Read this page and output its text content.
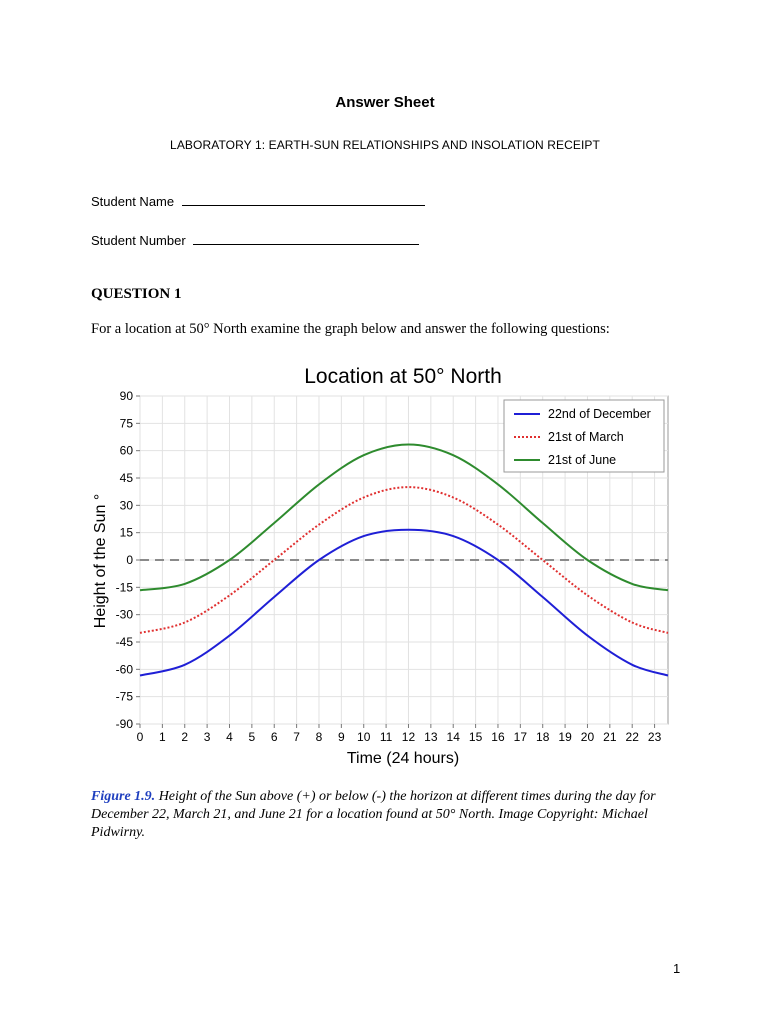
Answer Sheet
LABORATORY 1: EARTH-SUN RELATIONSHIPS AND INSOLATION RECEIPT
Student Name
Student Number
QUESTION 1
For a location at 50° North examine the graph below and answer the following questions:
Location at 50° North
0 1 2 3 4 5 6 7 8 9 10 11 12 13 14 15 16 17 18 19 20 21 22 23
90
75
60
45
30
15
0
-15
-30
-45
-60
-75
-90
22nd of December
21st of March
21st of June
Time (24 hours)
Height of the Sun °
Figure 1.9. Height of the Sun above (+) or below (-) the horizon at different times during the day for December 22, March 21, and June 21 for a location found at 50° North. Image Copyright: Michael Pidwirny.
1
